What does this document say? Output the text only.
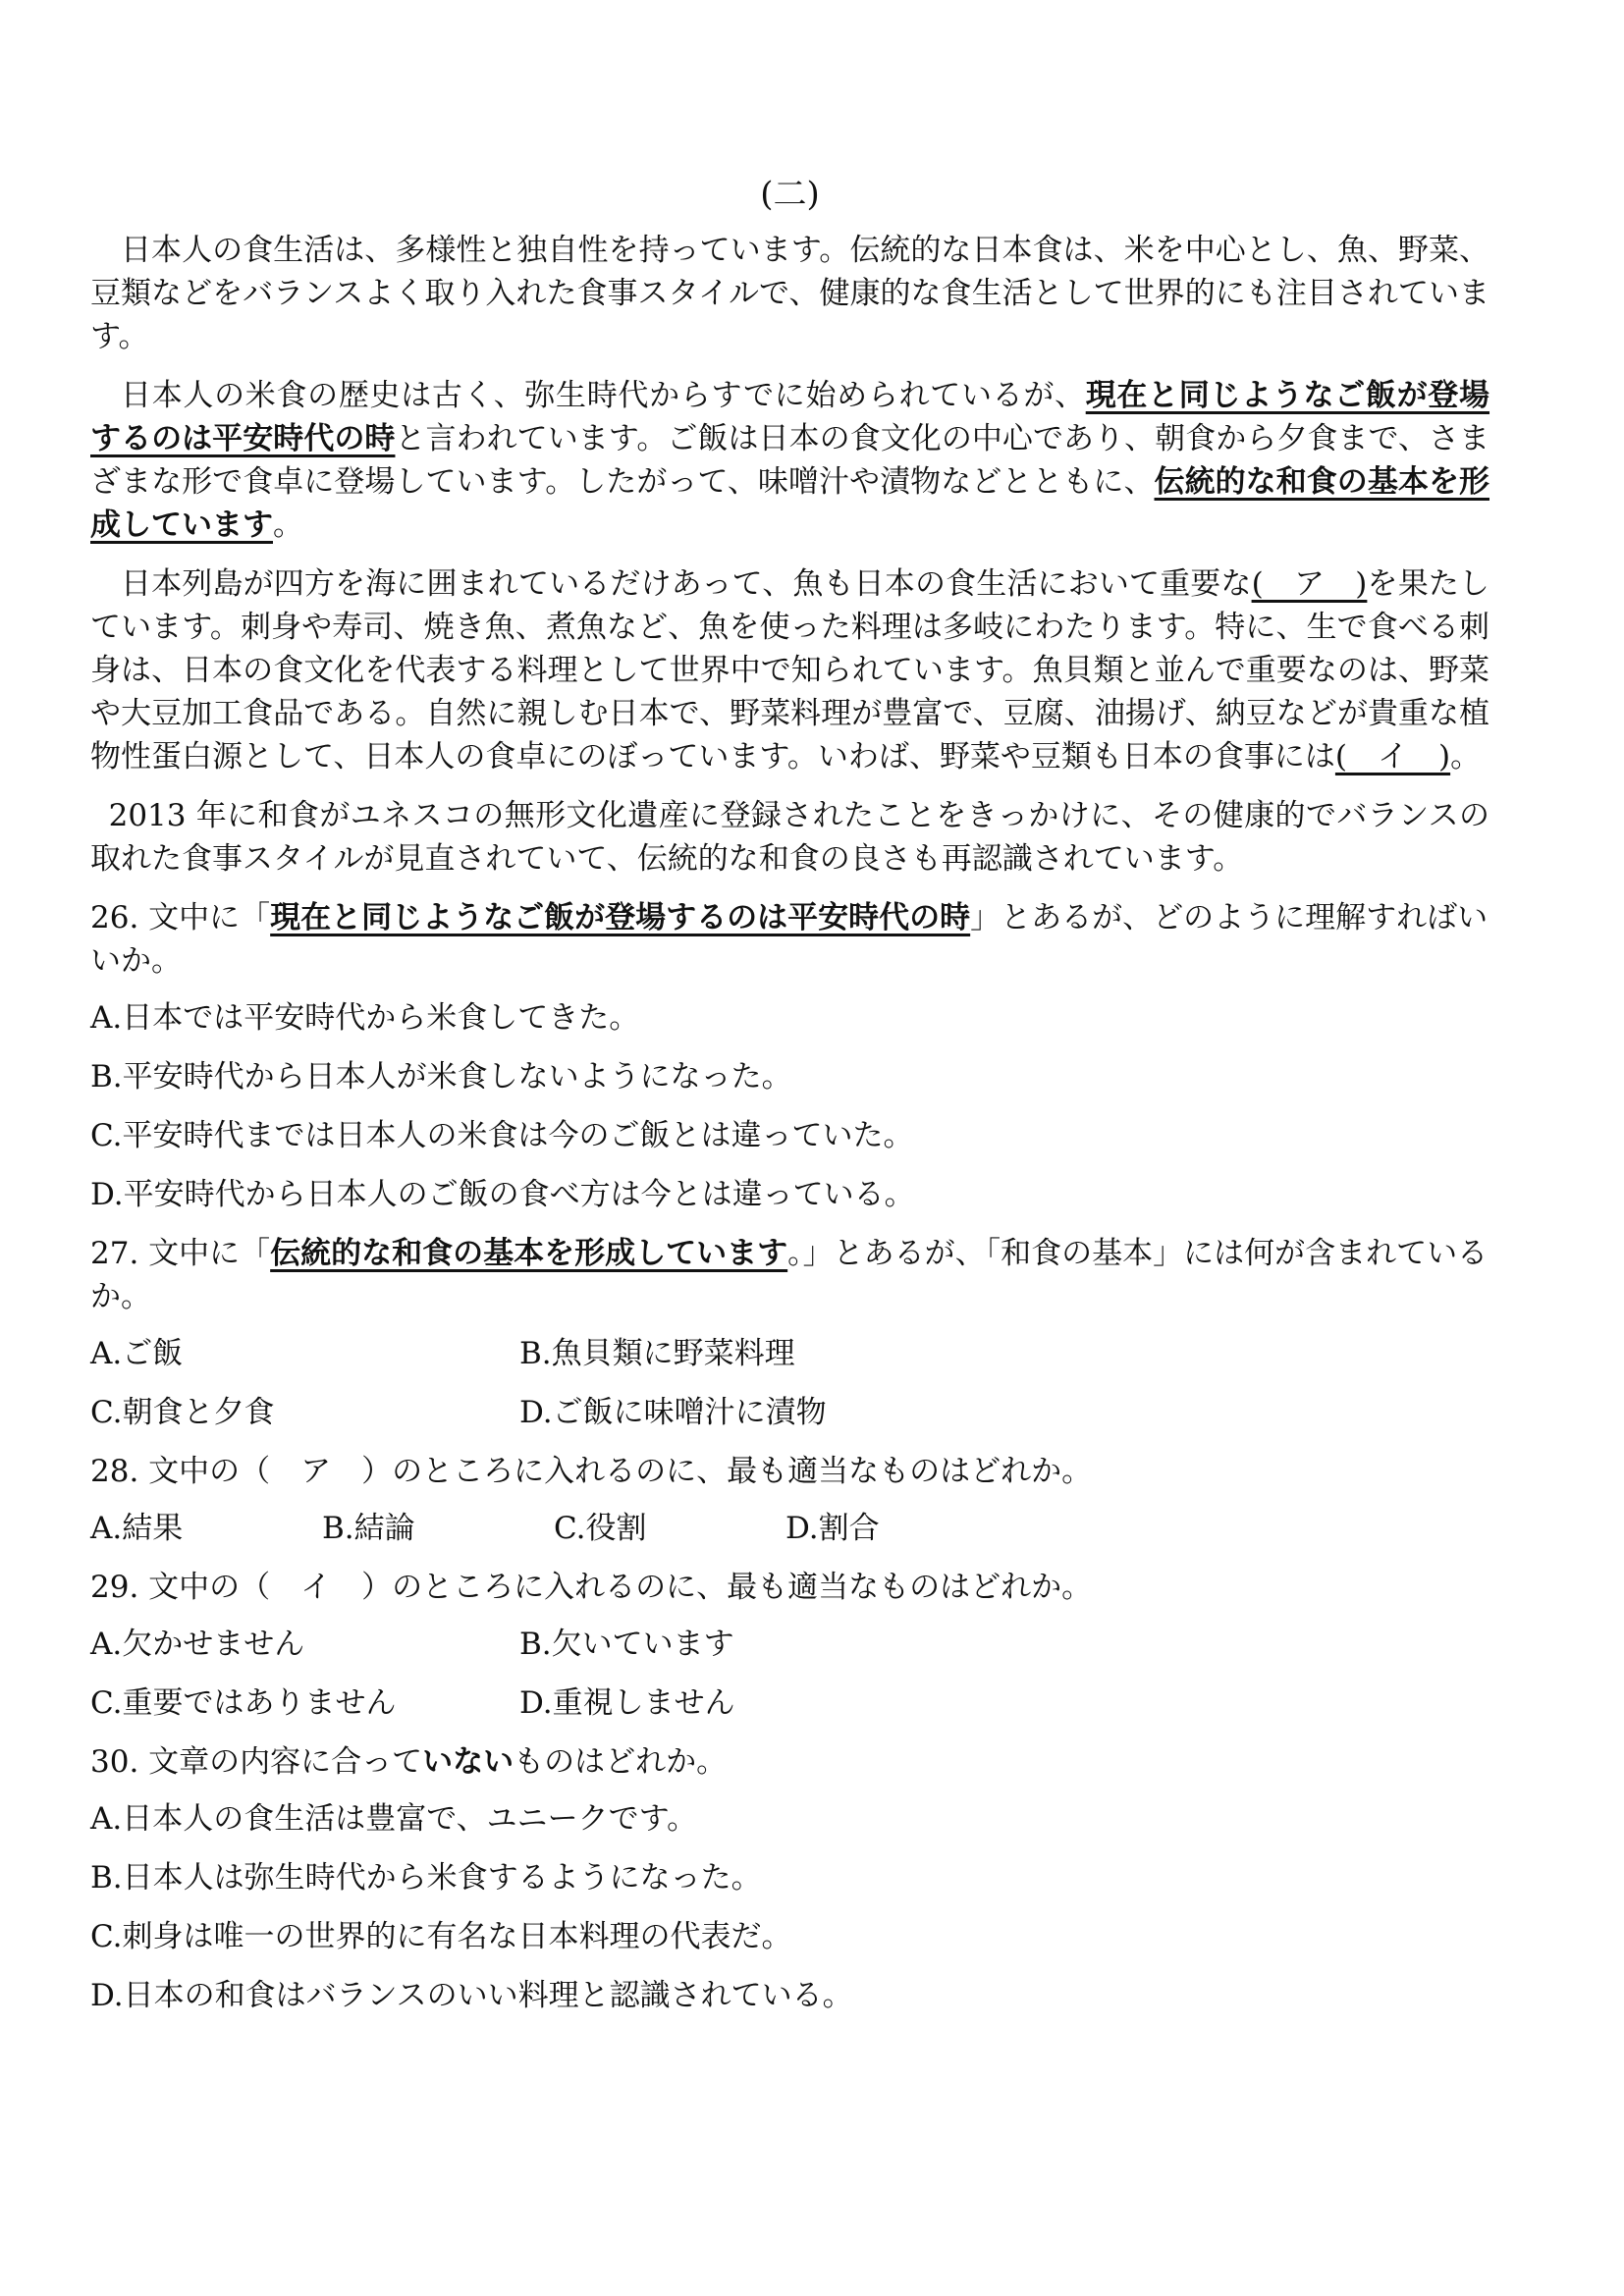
(二)

日本人の食生活は、多様性と独自性を持っています。伝統的な日本食は、米を中心とし、魚、野菜、豆類などをバランスよく取り入れた食事スタイルで、健康的な食生活として世界的にも注目されています。

日本人の米食の歴史は古く、弥生時代からすでに始められているが、現在と同じようなご飯が登場するのは平安時代の時と言われています。ご飯は日本の食文化の中心であり、朝食から夕食まで、さまざまな形で食卓に登場しています。したがって、味噌汁や漬物などとともに、伝統的な和食の基本を形成しています。

日本列島が四方を海に囲まれているだけあって、魚も日本の食生活において重要な(　ア　)を果たしています。刺身や寿司、焼き魚、煮魚など、魚を使った料理は多岐にわたります。特に、生で食べる刺身は、日本の食文化を代表する料理として世界中で知られています。魚貝類と並んで重要なのは、野菜や大豆加工食品である。自然に親しむ日本で、野菜料理が豊富で、豆腐、油揚げ、納豆などが貴重な植物性蛋白源として、日本人の食卓にのぼっています。いわば、野菜や豆類も日本の食事には(　イ　)。

2013 年に和食がユネスコの無形文化遺産に登録されたことをきっかけに、その健康的でバランスの取れた食事スタイルが見直されていて、伝統的な和食の良さも再認識されています。

26. 文中に「現在と同じようなご飯が登場するのは平安時代の時」とあるが、どのように理解すればいいか。
A.日本では平安時代から米食してきた。
B.平安時代から日本人が米食しないようになった。
C.平安時代までは日本人の米食は今のご飯とは違っていた。
D.平安時代から日本人のご飯の食べ方は今とは違っている。
27. 文中に「伝統的な和食の基本を形成しています。」とあるが、「和食の基本」には何が含まれているか。
A.ご飯	B.魚貝類に野菜料理
C.朝食と夕食	D.ご飯に味噌汁に漬物
28. 文中の（　ア　）のところに入れるのに、最も適当なものはどれか。
A.結果	B.結論	C.役割	D.割合
29. 文中の（　イ　）のところに入れるのに、最も適当なものはどれか。
A.欠かせません	B.欠いています
C.重要ではありません	D.重視しません
30. 文章の内容に合っていないものはどれか。
A.日本人の食生活は豊富で、ユニークです。
B.日本人は弥生時代から米食するようになった。
C.刺身は唯一の世界的に有名な日本料理の代表だ。
D.日本の和食はバランスのいい料理と認識されている。
